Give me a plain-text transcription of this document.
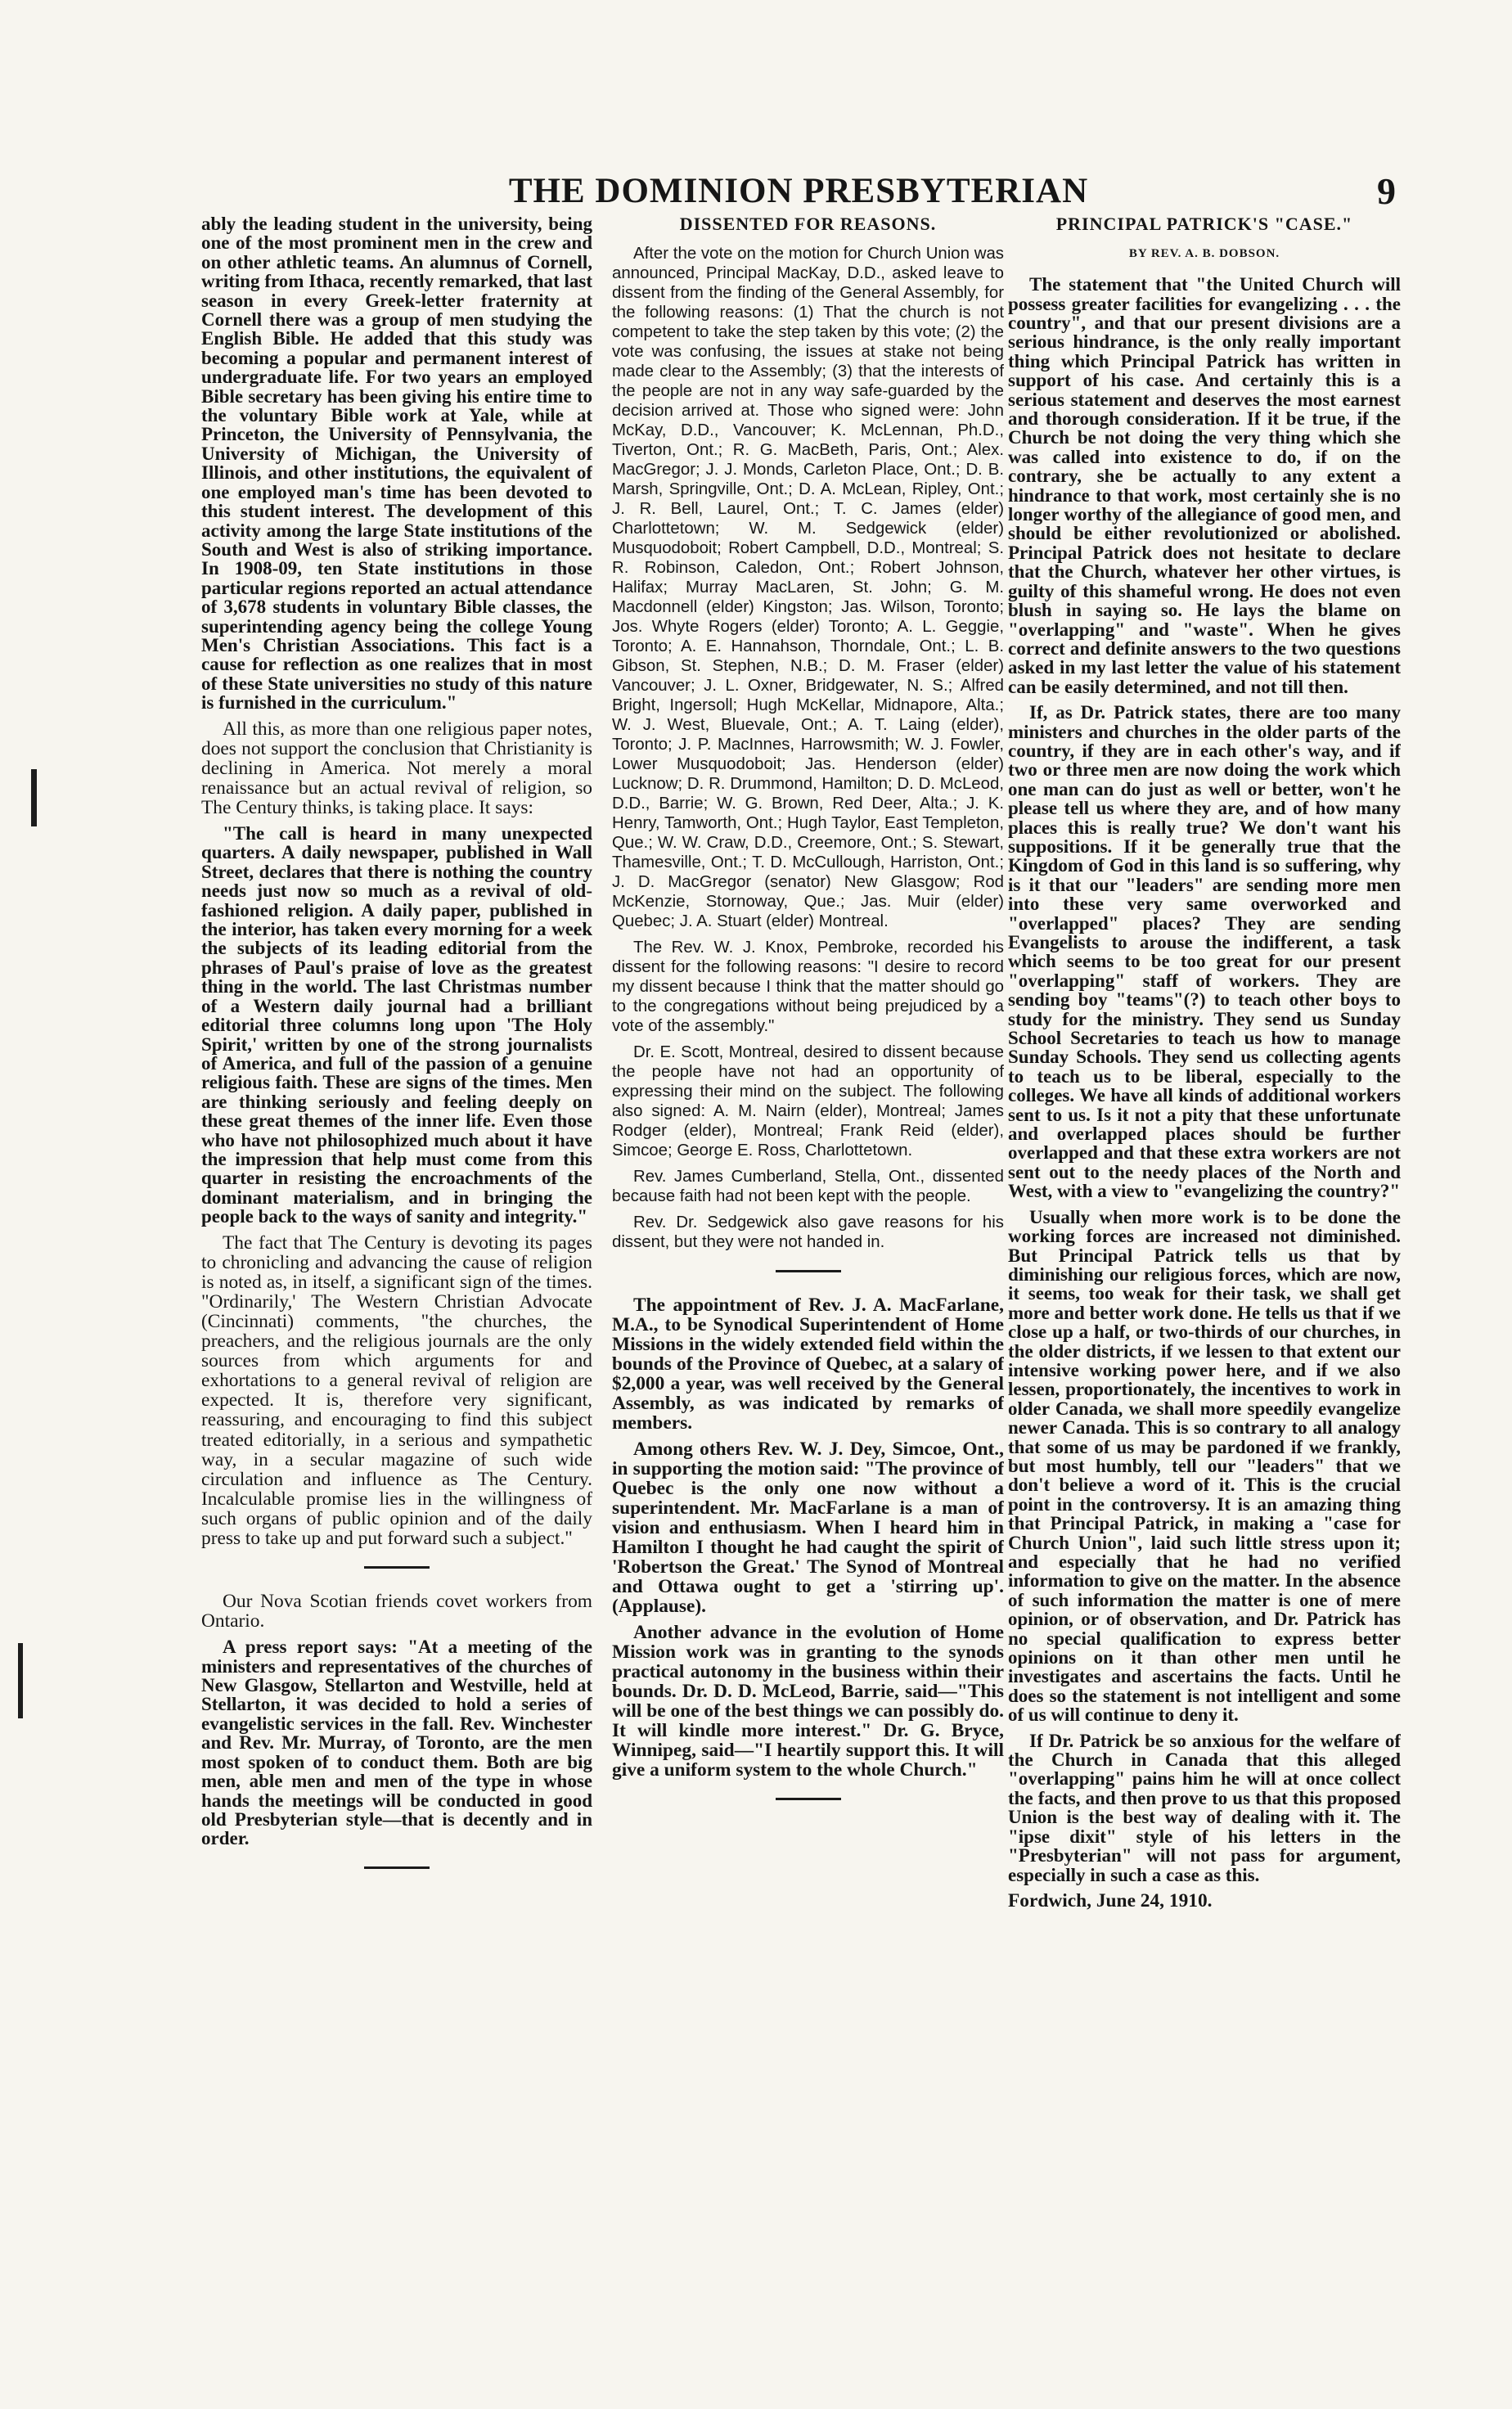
THE DOMINION PRESBYTERIAN	9

ably the leading student in the university, being one of the most prominent men in the crew and on other athletic teams. An alumnus of Cornell, writing from Ithaca, recently remarked, that last season in every Greek-letter fraternity at Cornell there was a group of men studying the English Bible. He added that this study was becoming a popular and permanent interest of undergraduate life. For two years an employed Bible secretary has been giving his entire time to the voluntary Bible work at Yale, while at Princeton, the University of Pennsylvania, the University of Michigan, the University of Illinois, and other institutions, the equivalent of one employed man's time has been devoted to this student interest. The development of this activity among the large State institutions of the South and West is also of striking importance. In 1908-09, ten State institutions in those particular regions reported an actual attendance of 3,678 students in voluntary Bible classes, the superintending agency being the college Young Men's Christian Associations. This fact is a cause for reflection as one realizes that in most of these State universities no study of this nature is furnished in the curriculum."

All this, as more than one religious paper notes, does not support the conclusion that Christianity is declining in America. Not merely a moral renaissance but an actual revival of religion, so The Century thinks, is taking place. It says:

"The call is heard in many unexpected quarters. A daily newspaper, published in Wall Street, declares that there is nothing the country needs just now so much as a revival of old-fashioned religion. A daily paper, published in the interior, has taken every morning for a week the subjects of its leading editorial from the phrases of Paul's praise of love as the greatest thing in the world. The last Christmas number of a Western daily journal had a brilliant editorial three columns long upon 'The Holy Spirit,' written by one of the strong journalists of America, and full of the passion of a genuine religious faith. These are signs of the times. Men are thinking seriously and feeling deeply on these great themes of the inner life. Even those who have not philosophized much about it have the impression that help must come from this quarter in resisting the encroachments of the dominant materialism, and in bringing the people back to the ways of sanity and integrity."

The fact that The Century is devoting its pages to chronicling and advancing the cause of religion is noted as, in itself, a significant sign of the times. "Ordinarily,' The Western Christian Advocate (Cincinnati) comments, "the churches, the preachers, and the religious journals are the only sources from which arguments for and exhortations to a general revival of religion are expected. It is, therefore very significant, reassuring, and encouraging to find this subject treated editorially, in a serious and sympathetic way, in a secular magazine of such wide circulation and influence as The Century. Incalculable promise lies in the willingness of such organs of public opinion and of the daily press to take up and put forward such a subject."

Our Nova Scotian friends covet workers from Ontario.

A press report says: "At a meeting of the ministers and representatives of the churches of New Glasgow, Stellarton and Westville, held at Stellarton, it was decided to hold a series of evangelistic services in the fall. Rev. Winchester and Rev. Mr. Murray, of Toronto, are the men most spoken of to conduct them. Both are big men, able men and men of the type in whose hands the meetings will be conducted in good old Presbyterian style—that is decently and in order.

DISSENTED FOR REASONS.

After the vote on the motion for Church Union was announced, Principal MacKay, D.D., asked leave to dissent from the finding of the General Assembly, for the following reasons: (1) That the church is not competent to take the step taken by this vote; (2) the vote was confusing, the issues at stake not being made clear to the Assembly; (3) that the interests of the people are not in any way safe-guarded by the decision arrived at. Those who signed were: John McKay, D.D., Vancouver; K. McLennan, Ph.D., Tiverton, Ont.; R. G. MacBeth, Paris, Ont.; Alex. MacGregor; J. J. Monds, Carleton Place, Ont.; D. B. Marsh, Springville, Ont.; D. A. McLean, Ripley, Ont.; J. R. Bell, Laurel, Ont.; T. C. James (elder) Charlottetown; W. M. Sedgewick (elder) Musquodoboit; Robert Campbell, D.D., Montreal; S. R. Robinson, Caledon, Ont.; Robert Johnson, Halifax; Murray MacLaren, St. John; G. M. Macdonnell (elder) Kingston; Jas. Wilson, Toronto; Jos. Whyte Rogers (elder) Toronto; A. L. Geggie, Toronto; A. E. Hannahson, Thorndale, Ont.; L. B. Gibson, St. Stephen, N.B.; D. M. Fraser (elder) Vancouver; J. L. Oxner, Bridgewater, N. S.; Alfred Bright, Ingersoll; Hugh McKellar, Midnapore, Alta.; W. J. West, Bluevale, Ont.; A. T. Laing (elder), Toronto; J. P. MacInnes, Harrowsmith; W. J. Fowler, Lower Musquodoboit; Jas. Henderson (elder) Lucknow; D. R. Drummond, Hamilton; D. D. McLeod, D.D., Barrie; W. G. Brown, Red Deer, Alta.; J. K. Henry, Tamworth, Ont.; Hugh Taylor, East Templeton, Que.; W. W. Craw, D.D., Creemore, Ont.; S. Stewart, Thamesville, Ont.; T. D. McCullough, Harriston, Ont.; J. D. MacGregor (senator) New Glasgow; Rod McKenzie, Stornoway, Que.; Jas. Muir (elder) Quebec; J. A. Stuart (elder) Montreal.

The Rev. W. J. Knox, Pembroke, recorded his dissent for the following reasons: "I desire to record my dissent because I think that the matter should go to the congregations without being prejudiced by a vote of the assembly."

Dr. E. Scott, Montreal, desired to dissent because the people have not had an opportunity of expressing their mind on the subject. The following also signed: A. M. Nairn (elder), Montreal; James Rodger (elder), Montreal; Frank Reid (elder), Simcoe; George E. Ross, Charlottetown.

Rev. James Cumberland, Stella, Ont., dissented because faith had not been kept with the people.

Rev. Dr. Sedgewick also gave reasons for his dissent, but they were not handed in.

The appointment of Rev. J. A. MacFarlane, M.A., to be Synodical Superintendent of Home Missions in the widely extended field within the bounds of the Province of Quebec, at a salary of $2,000 a year, was well received by the General Assembly, as was indicated by remarks of members.

Among others Rev. W. J. Dey, Simcoe, Ont., in supporting the motion said: "The province of Quebec is the only one now without a superintendent. Mr. MacFarlane is a man of vision and enthusiasm. When I heard him in Hamilton I thought he had caught the spirit of 'Robertson the Great.' The Synod of Montreal and Ottawa ought to get a 'stirring up'. (Applause).

Another advance in the evolution of Home Mission work was in granting to the synods practical autonomy in the business within their bounds. Dr. D. D. McLeod, Barrie, said—"This will be one of the best things we can possibly do. It will kindle more interest." Dr. G. Bryce, Winnipeg, said—"I heartily support this. It will give a uniform system to the whole Church."

PRINCIPAL PATRICK'S "CASE."
BY REV. A. B. DOBSON.

The statement that "the United Church will possess greater facilities for evangelizing . . . the country", and that our present divisions are a serious hindrance, is the only really important thing which Principal Patrick has written in support of his case. And certainly this is a serious statement and deserves the most earnest and thorough consideration. If it be true, if the Church be not doing the very thing which she was called into existence to do, if on the contrary, she be actually to any extent a hindrance to that work, most certainly she is no longer worthy of the allegiance of good men, and should be either revolutionized or abolished. Principal Patrick does not hesitate to declare that the Church, whatever her other virtues, is guilty of this shameful wrong. He does not even blush in saying so. He lays the blame on "overlapping" and "waste". When he gives correct and definite answers to the two questions asked in my last letter the value of his statement can be easily determined, and not till then.

If, as Dr. Patrick states, there are too many ministers and churches in the older parts of the country, if they are in each other's way, and if two or three men are now doing the work which one man can do just as well or better, won't he please tell us where they are, and of how many places this is really true? We don't want his suppositions. If it be generally true that the Kingdom of God in this land is so suffering, why is it that our "leaders" are sending more men into these very same overworked and "overlapped" places? They are sending Evangelists to arouse the indifferent, a task which seems to be too great for our present "overlapping" staff of workers. They are sending boy "teams"(?) to teach other boys to study for the ministry. They send us Sunday School Secretaries to teach us how to manage Sunday Schools. They send us collecting agents to teach us to be liberal, especially to the colleges. We have all kinds of additional workers sent to us. Is it not a pity that these unfortunate and overlapped places should be further overlapped and that these extra workers are not sent out to the needy places of the North and West, with a view to "evangelizing the country?"

Usually when more work is to be done the working forces are increased not diminished. But Principal Patrick tells us that by diminishing our religious forces, which are now, it seems, too weak for their task, we shall get more and better work done. He tells us that if we close up a half, or two-thirds of our churches, in the older districts, if we lessen to that extent our intensive working power here, and if we also lessen, proportionately, the incentives to work in older Canada, we shall more speedily evangelize newer Canada. This is so contrary to all analogy that some of us may be pardoned if we frankly, but most humbly, tell our "leaders" that we don't believe a word of it. This is the crucial point in the controversy. It is an amazing thing that Principal Patrick, in making a "case for Church Union", laid such little stress upon it; and especially that he had no verified information to give on the matter. In the absence of such information the matter is one of mere opinion, or of observation, and Dr. Patrick has no special qualification to express better opinions on it than other men until he investigates and ascertains the facts. Until he does so the statement is not intelligent and some of us will continue to deny it.

If Dr. Patrick be so anxious for the welfare of the Church in Canada that this alleged "overlapping" pains him he will at once collect the facts, and then prove to us that this proposed Union is the best way of dealing with it. The "ipse dixit" style of his letters in the "Presbyterian" will not pass for argument, especially in such a case as this.

Fordwich, June 24, 1910.
